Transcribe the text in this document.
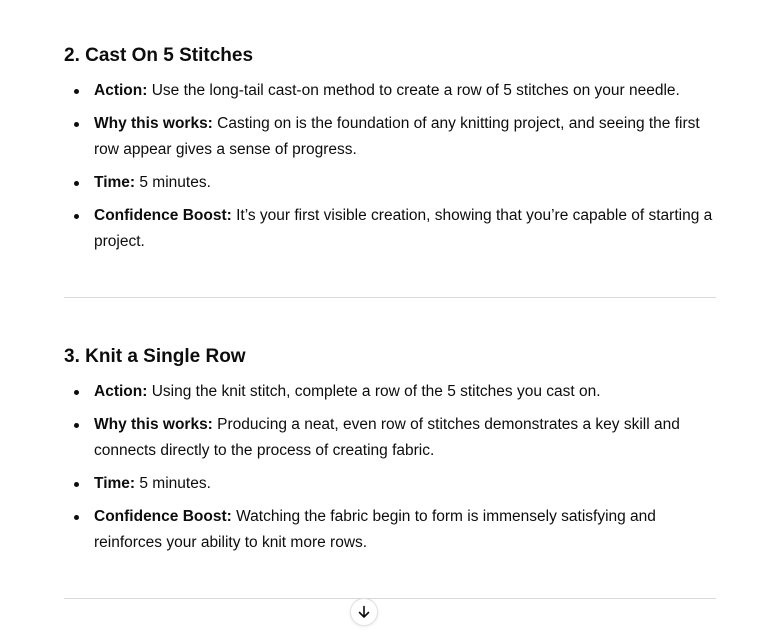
2. Cast On 5 Stitches
Action: Use the long-tail cast-on method to create a row of 5 stitches on your needle.
Why this works: Casting on is the foundation of any knitting project, and seeing the first row appear gives a sense of progress.
Time: 5 minutes.
Confidence Boost: It’s your first visible creation, showing that you’re capable of starting a project.
3. Knit a Single Row
Action: Using the knit stitch, complete a row of the 5 stitches you cast on.
Why this works: Producing a neat, even row of stitches demonstrates a key skill and connects directly to the process of creating fabric.
Time: 5 minutes.
Confidence Boost: Watching the fabric begin to form is immensely satisfying and reinforces your ability to knit more rows.
